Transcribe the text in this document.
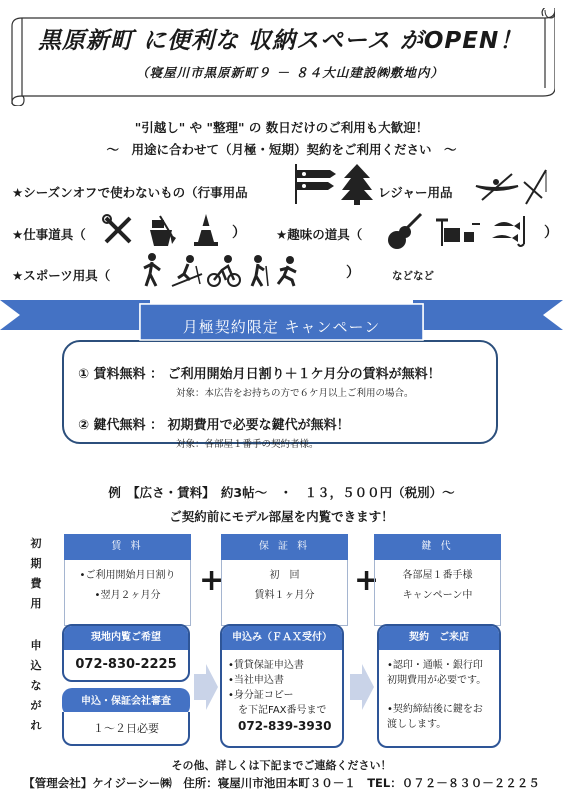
黒原新町 に便利な 収納スペース がOPEN！
（寝屋川市黒原新町９ － ８４大山建設㈱敷地内）
"引越し" や "整理" の 数日だけのご利用も大歓迎！
～　用途に合わせて（月極・短期）契約をご利用ください　～
★シーズンオフで使わないもの（行事用品	レジャー用品
★仕事道具（	） ★趣味の道具（	）
★スポーツ用具（	）	などなど
月極契約限定 キャンペーン
① 賃料無料 ： ご利用開始月日割り＋１ケ月分の賃料が無料！
対象：本広告をお持ちの方で６ケ月以上ご利用の場合。
② 鍵代無料 ： 初期費用で必要な鍵代が無料！
対象：各部屋１番手の契約者様。
例　【広さ・賃料】　約3帖～　・　１３，５００円（税別）～
ご契約前にモデル部屋を内覧できます！
初
期
費
用
賃 料
•ご利用開始月日割り
•翌月２ヶ月分	+
保 証 料
初　回
賃料１ヶ月分	+
鍵 代
各部屋１番手様
キャンペーン中
申
込
な
が
れ
現地内覧ご希望
072-830-2225
申込・保証会社審査
１～２日必要
申込み（ＦＡＸ受付）
•賃貸保証申込書
•当社申込書
•身分証コピー
を下記FAX番号まで
072-839-3930
契約　ご来店
•認印・通帳・銀行印
初期費用が必要です。
•契約締結後に鍵をお
渡しします。
その他、詳しくは下記までご連絡ください！
【管理会社】ケイジーシー㈱　住所：寝屋川市池田本町３０－１　TEL：０７２－８３０－２２２５
